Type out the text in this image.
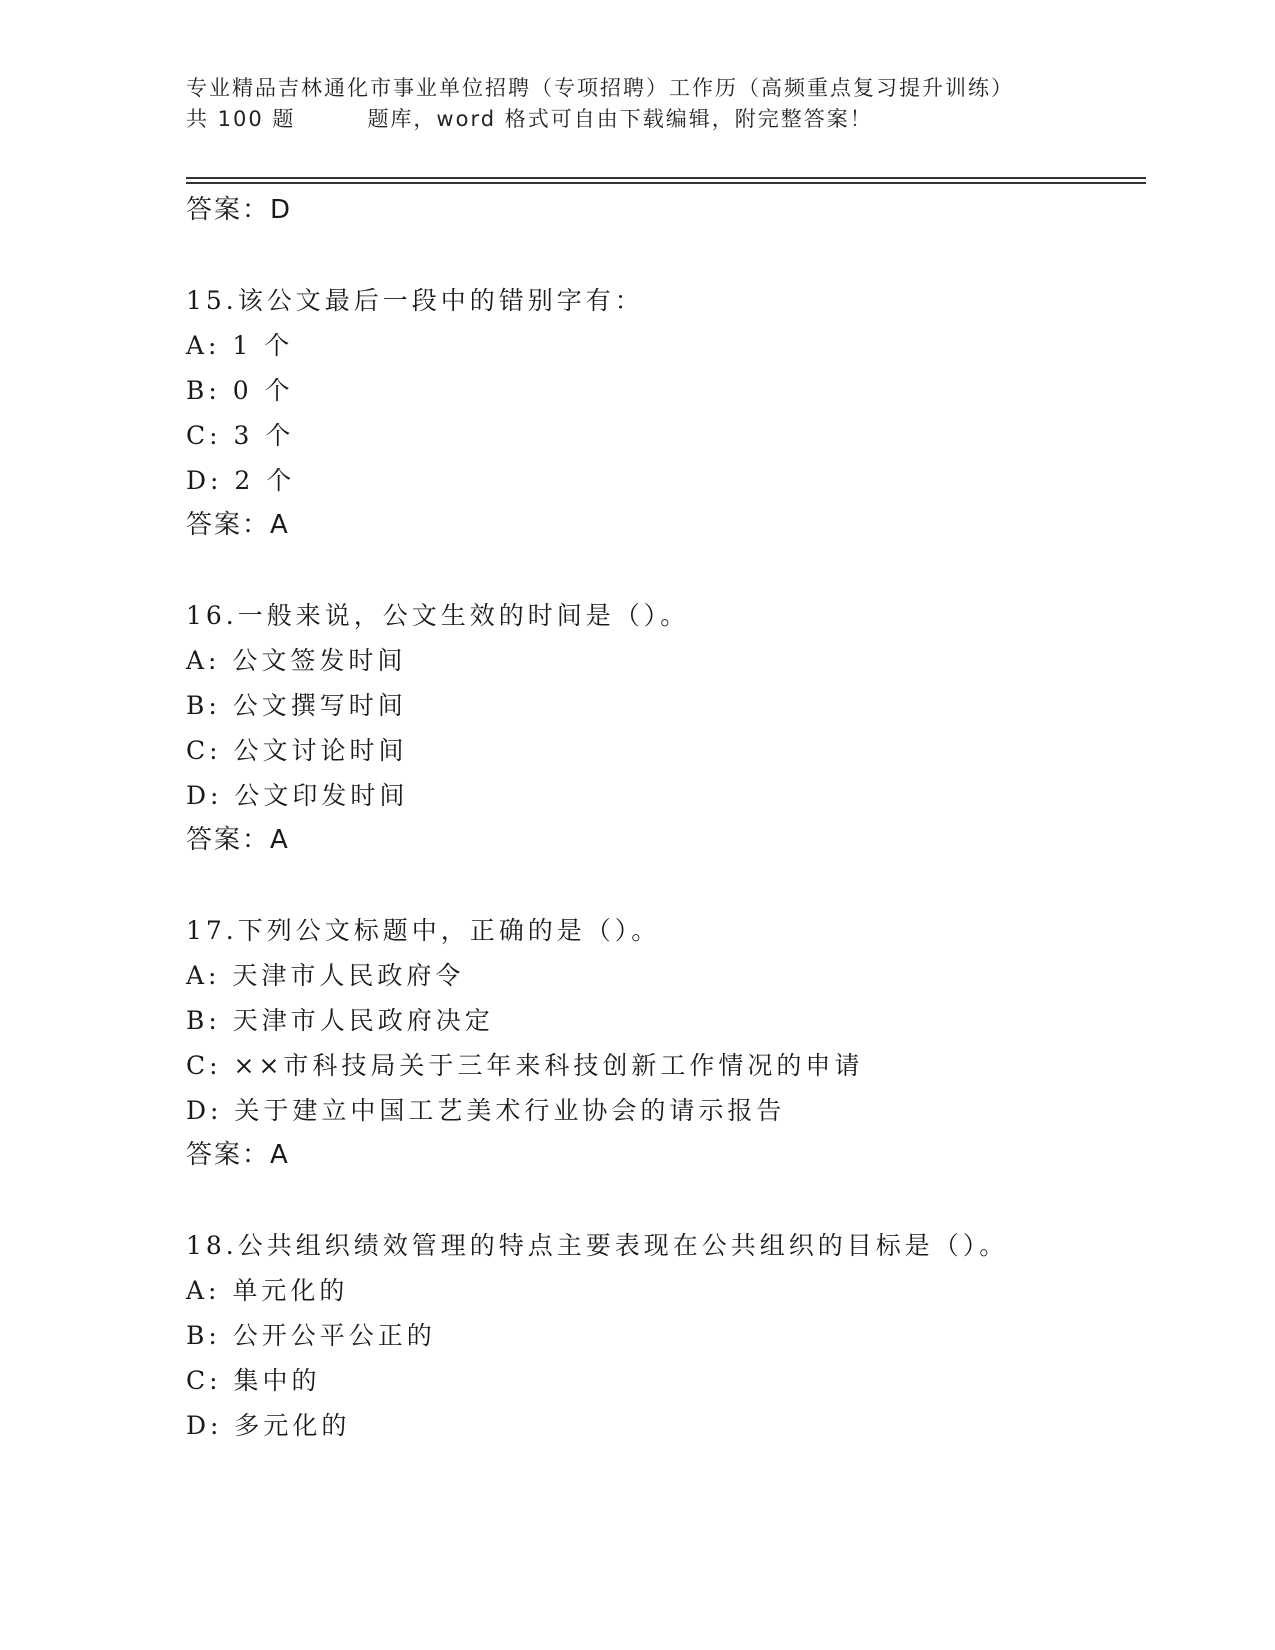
专业精品吉林通化市事业单位招聘（专项招聘）工作历（高频重点复习提升训练）
共 100 题	题库，word 格式可自由下载编辑，附完整答案！
答案：D
15.该公文最后一段中的错别字有：
A: 1 个
B: 0 个
C: 3 个
D: 2 个
答案：A
16.一般来说，公文生效的时间是（）。
A: 公文签发时间
B: 公文撰写时间
C: 公文讨论时间
D: 公文印发时间
答案：A
17.下列公文标题中，正确的是（）。
A: 天津市人民政府令
B: 天津市人民政府决定
C: ××市科技局关于三年来科技创新工作情况的申请
D: 关于建立中国工艺美术行业协会的请示报告
答案：A
18.公共组织绩效管理的特点主要表现在公共组织的目标是（）。
A: 单元化的
B: 公开公平公正的
C: 集中的
D: 多元化的
